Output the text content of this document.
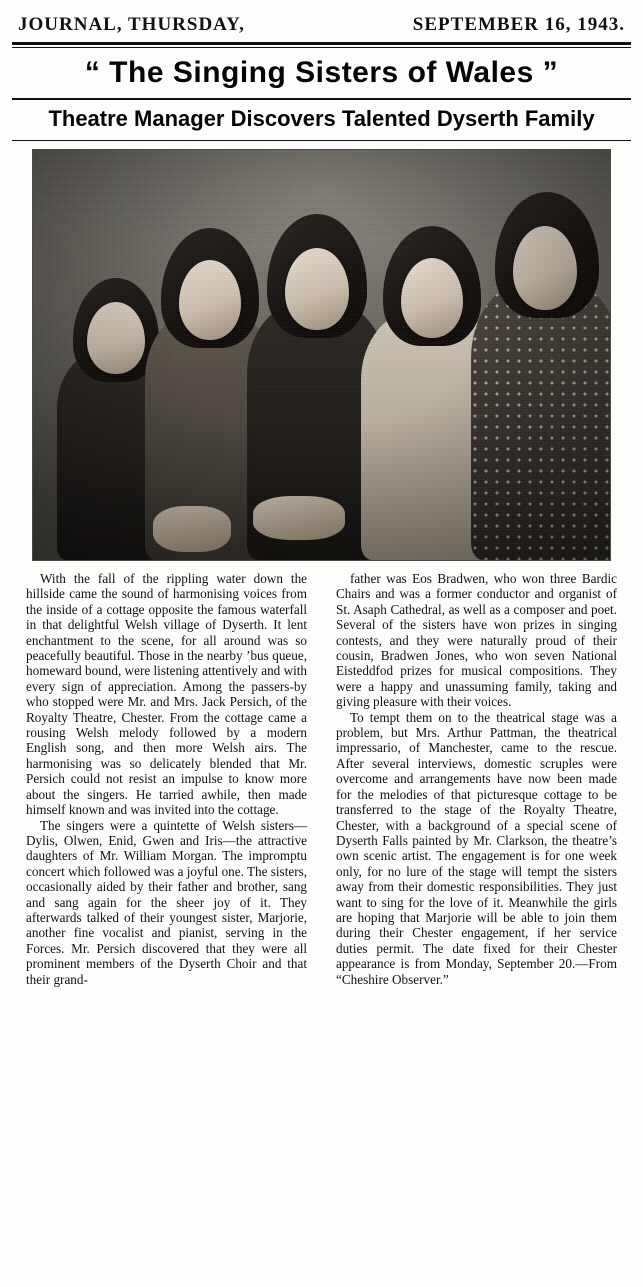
JOURNAL, THURSDAY,	SEPTEMBER 16, 1943.
“ The Singing Sisters of Wales ”
Theatre Manager Discovers Talented Dyserth Family

With the fall of the rippling water down the hillside came the sound of harmonising voices from the inside of a cottage opposite the famous waterfall in that delightful Welsh village of Dyserth. It lent enchantment to the scene, for all around was so peacefully beautiful. Those in the nearby ’bus queue, homeward bound, were listening attentively and with every sign of appreciation. Among the passers-by who stopped were Mr. and Mrs. Jack Persich, of the Royalty Theatre, Chester. From the cottage came a rousing Welsh melody followed by a modern English song, and then more Welsh airs. The harmonising was so delicately blended that Mr. Persich could not resist an impulse to know more about the singers. He tarried awhile, then made himself known and was invited into the cottage.

The singers were a quintette of Welsh sisters—Dylis, Olwen, Enid, Gwen and Iris—the attractive daughters of Mr. William Morgan. The impromptu concert which followed was a joyful one. The sisters, occasionally aided by their father and brother, sang and sang again for the sheer joy of it. They afterwards talked of their youngest sister, Marjorie, another fine vocalist and pianist, serving in the Forces. Mr. Persich discovered that they were all prominent members of the Dyserth Choir and that their grand-

father was Eos Bradwen, who won three Bardic Chairs and was a former conductor and organist of St. Asaph Cathedral, as well as a composer and poet. Several of the sisters have won prizes in singing contests, and they were naturally proud of their cousin, Bradwen Jones, who won seven National Eisteddfod prizes for musical compositions. They were a happy and unassuming family, taking and giving pleasure with their voices.

To tempt them on to the theatrical stage was a problem, but Mrs. Arthur Pattman, the theatrical impressario, of Manchester, came to the rescue. After several interviews, domestic scruples were overcome and arrangements have now been made for the melodies of that picturesque cottage to be transferred to the stage of the Royalty Theatre, Chester, with a background of a special scene of Dyserth Falls painted by Mr. Clarkson, the theatre’s own scenic artist. The engagement is for one week only, for no lure of the stage will tempt the sisters away from their domestic responsibilities. They just want to sing for the love of it. Meanwhile the girls are hoping that Marjorie will be able to join them during their Chester engagement, if her service duties permit. The date fixed for their Chester appearance is from Monday, September 20.—From “Cheshire Observer.”
